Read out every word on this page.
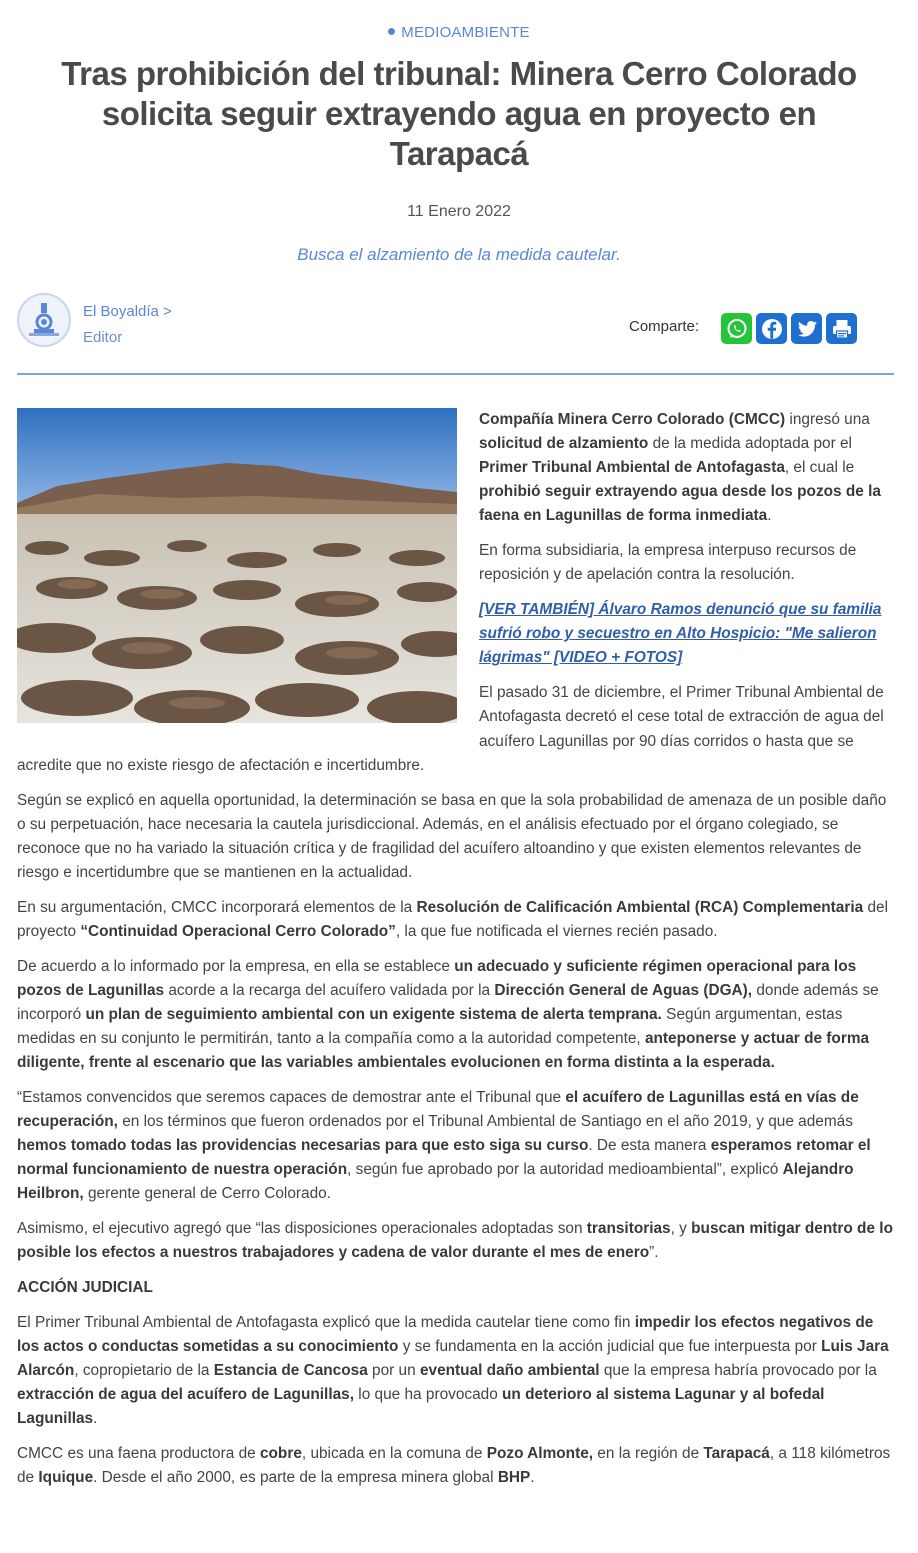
MEDIOAMBIENTE
Tras prohibición del tribunal: Minera Cerro Colorado solicita seguir extrayendo agua en proyecto en Tarapacá
11 Enero 2022
Busca el alzamiento de la medida cautelar.
El Boyaldía >
Editor
Comparte:

Compañía Minera Cerro Colorado (CMCC) ingresó una solicitud de alzamiento de la medida adoptada por el Primer Tribunal Ambiental de Antofagasta, el cual le prohibió seguir extrayendo agua desde los pozos de la faena en Lagunillas de forma inmediata.

En forma subsidiaria, la empresa interpuso recursos de reposición y de apelación contra la resolución.

[VER TAMBIÉN] Álvaro Ramos denunció que su familia sufrió robo y secuestro en Alto Hospicio: "Me salieron lágrimas" [VIDEO + FOTOS]

El pasado 31 de diciembre, el Primer Tribunal Ambiental de Antofagasta decretó el cese total de extracción de agua del acuífero Lagunillas por 90 días corridos o hasta que se acredite que no existe riesgo de afectación e incertidumbre.

Según se explicó en aquella oportunidad, la determinación se basa en que la sola probabilidad de amenaza de un posible daño o su perpetuación, hace necesaria la cautela jurisdiccional. Además, en el análisis efectuado por el órgano colegiado, se reconoce que no ha variado la situación crítica y de fragilidad del acuífero altoandino y que existen elementos relevantes de riesgo e incertidumbre que se mantienen en la actualidad.

En su argumentación, CMCC incorporará elementos de la Resolución de Calificación Ambiental (RCA) Complementaria del proyecto “Continuidad Operacional Cerro Colorado”, la que fue notificada el viernes recién pasado.

De acuerdo a lo informado por la empresa, en ella se establece un adecuado y suficiente régimen operacional para los pozos de Lagunillas acorde a la recarga del acuífero validada por la Dirección General de Aguas (DGA), donde además se incorporó un plan de seguimiento ambiental con un exigente sistema de alerta temprana. Según argumentan, estas medidas en su conjunto le permitirán, tanto a la compañía como a la autoridad competente, anteponerse y actuar de forma diligente, frente al escenario que las variables ambientales evolucionen en forma distinta a la esperada.

“Estamos convencidos que seremos capaces de demostrar ante el Tribunal que el acuífero de Lagunillas está en vías de recuperación, en los términos que fueron ordenados por el Tribunal Ambiental de Santiago en el año 2019, y que además hemos tomado todas las providencias necesarias para que esto siga su curso. De esta manera esperamos retomar el normal funcionamiento de nuestra operación, según fue aprobado por la autoridad medioambiental”, explicó Alejandro Heilbron, gerente general de Cerro Colorado.

Asimismo, el ejecutivo agregó que “las disposiciones operacionales adoptadas son transitorias, y buscan mitigar dentro de lo posible los efectos a nuestros trabajadores y cadena de valor durante el mes de enero”.

ACCIÓN JUDICIAL

El Primer Tribunal Ambiental de Antofagasta explicó que la medida cautelar tiene como fin impedir los efectos negativos de los actos o conductas sometidas a su conocimiento y se fundamenta en la acción judicial que fue interpuesta por Luis Jara Alarcón, copropietario de la Estancia de Cancosa por un eventual daño ambiental que la empresa habría provocado por la extracción de agua del acuífero de Lagunillas, lo que ha provocado un deterioro al sistema Lagunar y al bofedal Lagunillas.

CMCC es una faena productora de cobre, ubicada en la comuna de Pozo Almonte, en la región de Tarapacá, a 118 kilómetros de Iquique. Desde el año 2000, es parte de la empresa minera global BHP.
